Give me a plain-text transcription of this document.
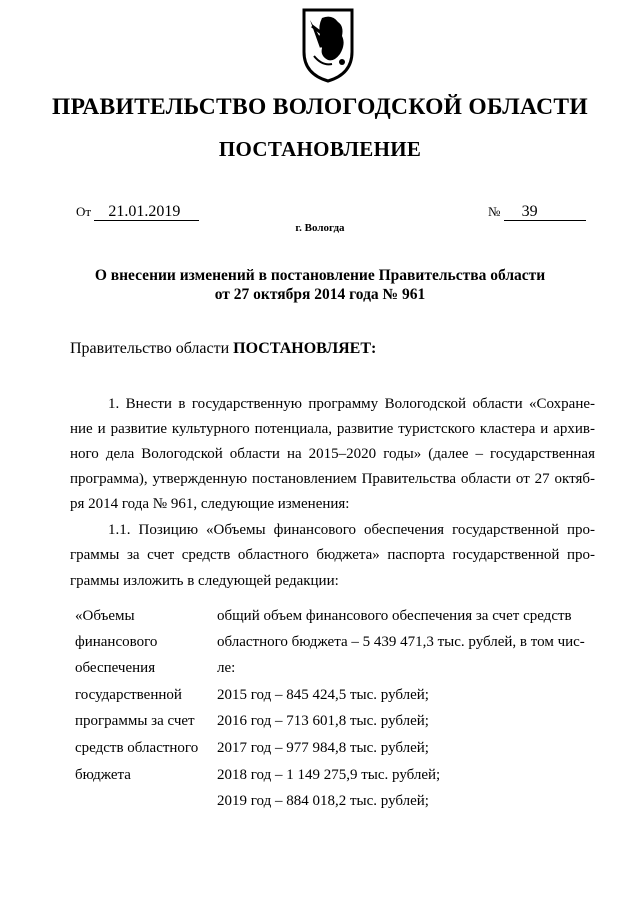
ПРАВИТЕЛЬСТВО ВОЛОГОДСКОЙ ОБЛАСТИ
ПОСТАНОВЛЕНИЕ
От 21.01.2019	№ 39
г. Вологда
О внесении изменений в постановление Правительства области
от 27 октября 2014 года № 961
Правительство области ПОСТАНОВЛЯЕТ:
1. Внести в государственную программу Вологодской области «Сохране-
ние и развитие культурного потенциала, развитие туристского кластера и архив-
ного дела Вологодской области на 2015–2020 годы» (далее – государственная
программа), утвержденную постановлением Правительства области от 27 октяб-
ря 2014 года № 961, следующие изменения:
1.1. Позицию «Объемы финансового обеспечения государственной про-
граммы за счет средств областного бюджета» паспорта государственной про-
граммы изложить в следующей редакции:
«Объемы
финансового
обеспечения
государственной
программы за счет
средств областного
бюджета
общий объем финансового обеспечения за счет средств
областного бюджета – 5 439 471,3 тыс. рублей, в том чис-
ле:
2015 год – 845 424,5 тыс. рублей;
2016 год – 713 601,8 тыс. рублей;
2017 год – 977 984,8 тыс. рублей;
2018 год – 1 149 275,9 тыс. рублей;
2019 год – 884 018,2 тыс. рублей;
